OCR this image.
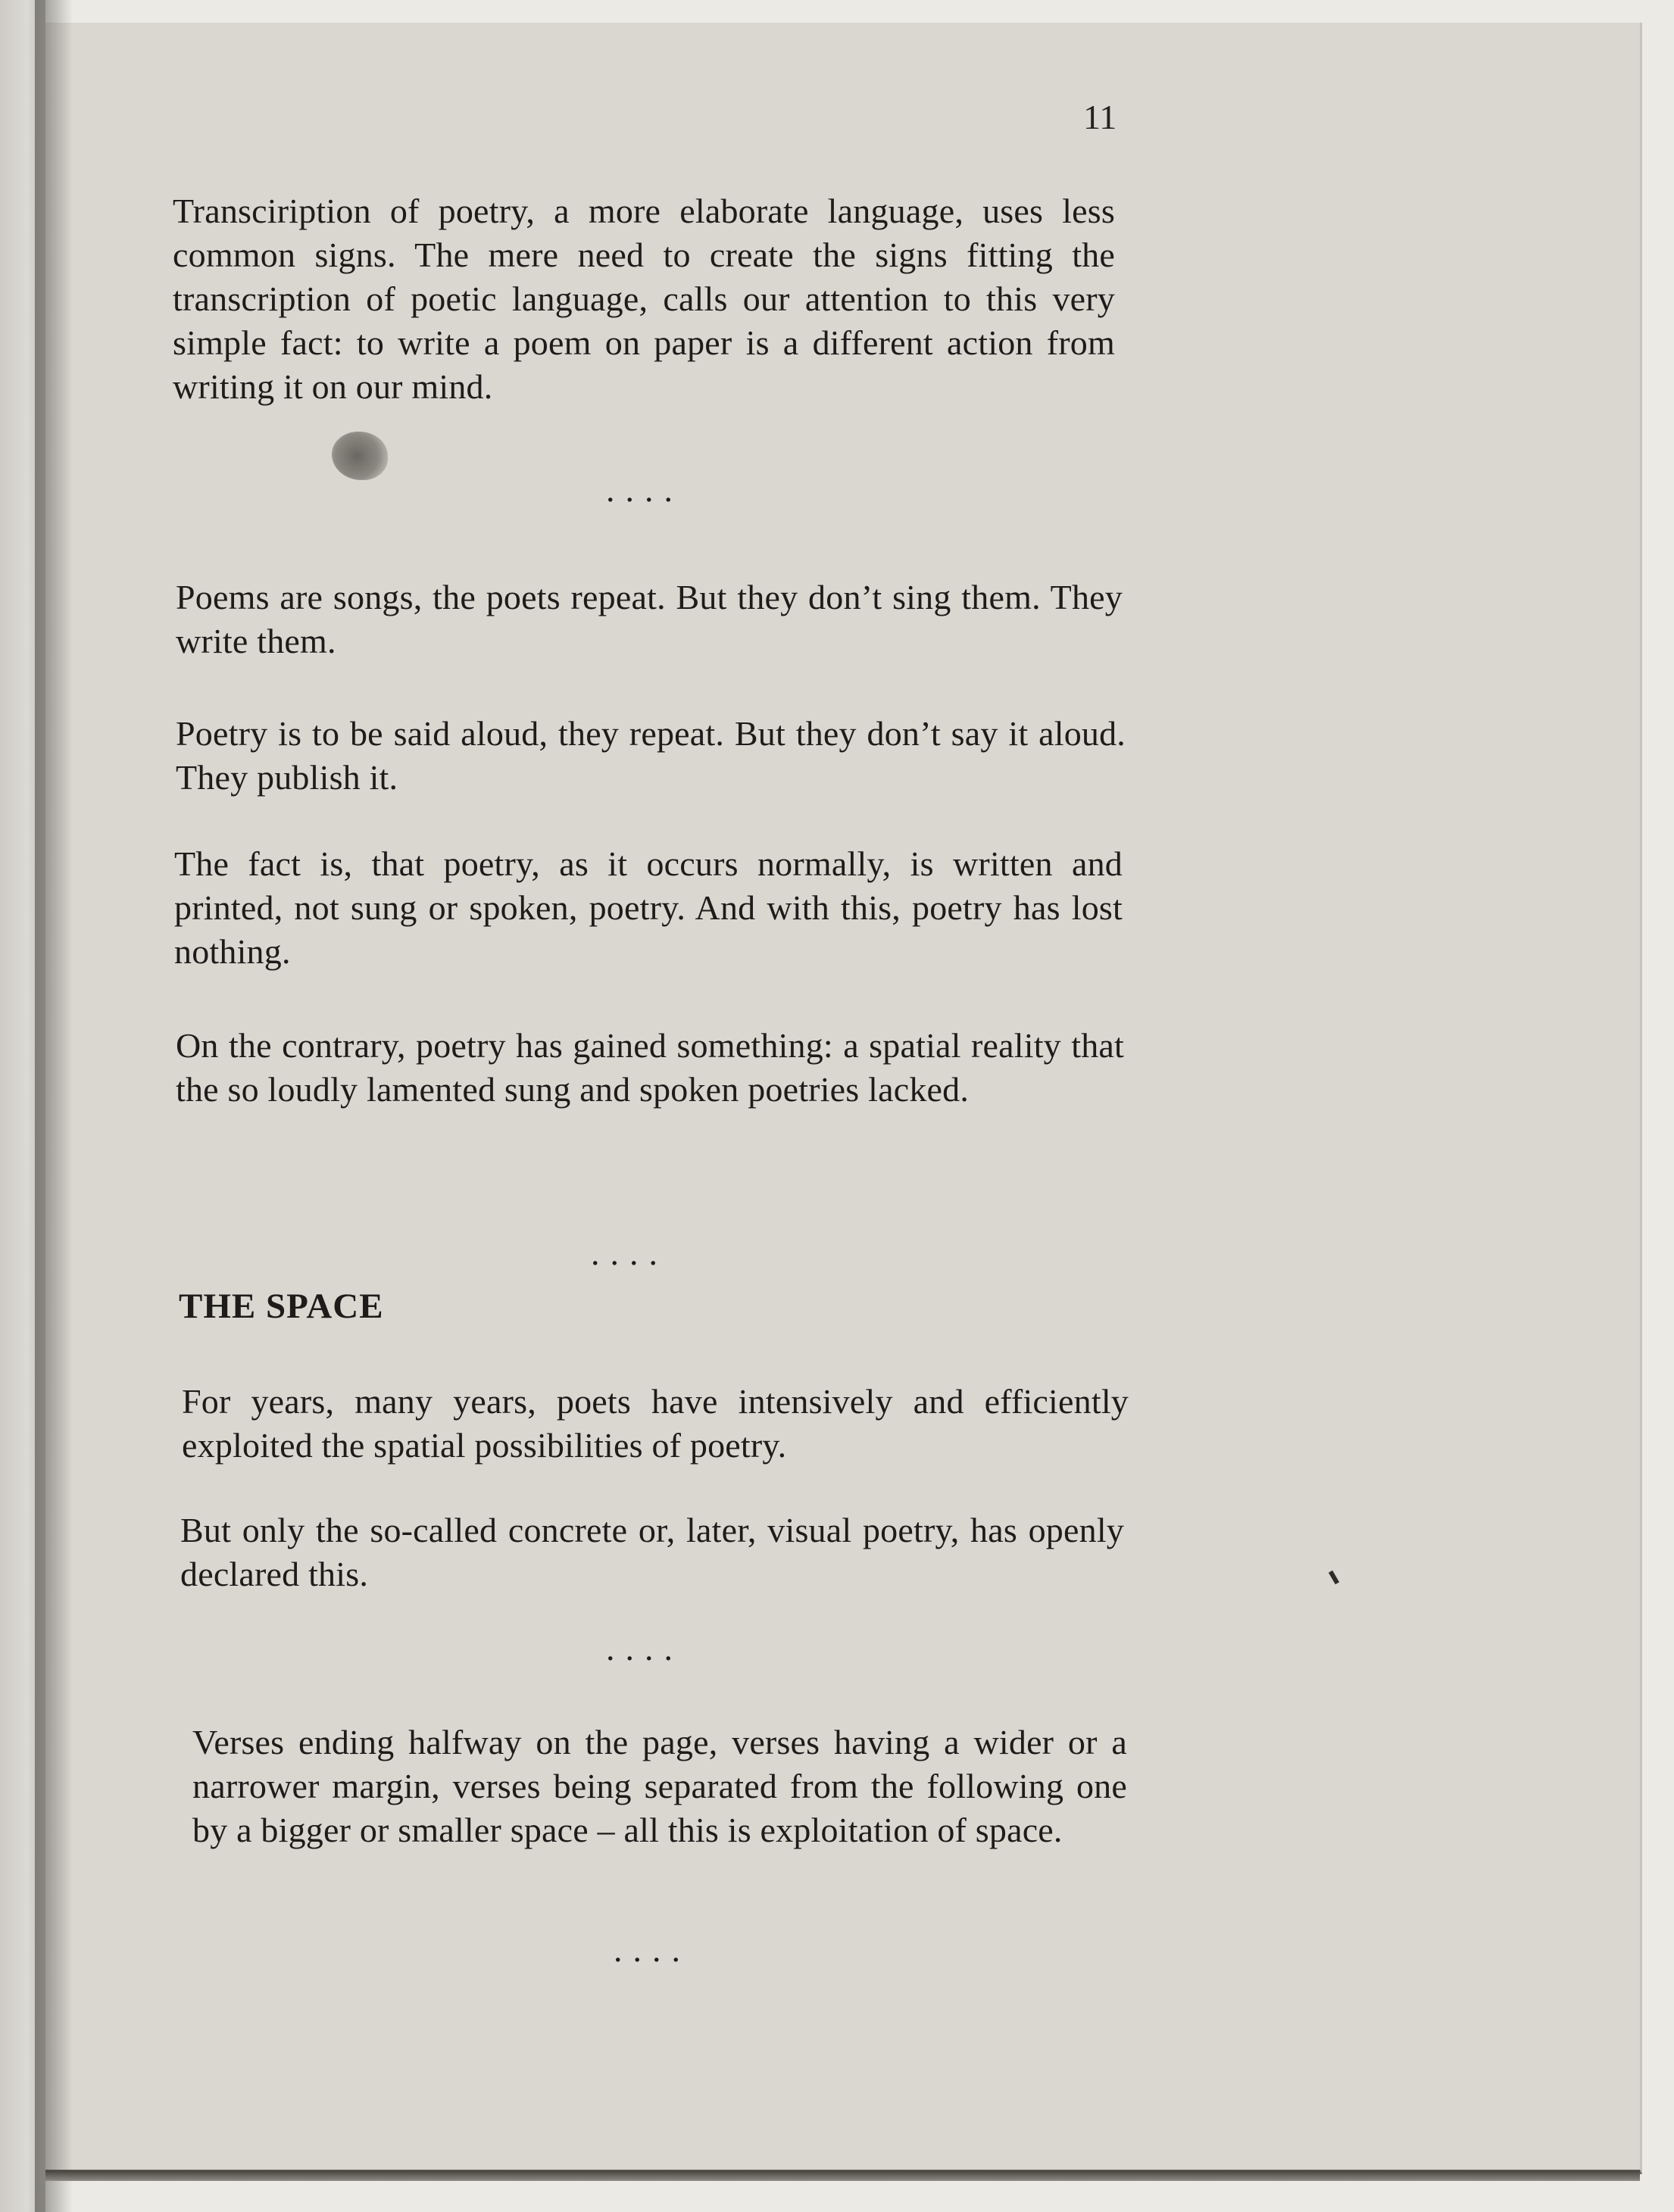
11

Transciription of poetry, a more elaborate language, uses less common signs. The mere need to create the signs fitting the transcription of poetic language, calls our attention to this very simple fact: to write a poem on paper is a different action from writing it on our mind.

....

Poems are songs, the poets repeat. But they don’t sing them. They write them.

Poetry is to be said aloud, they repeat. But they don’t say it aloud. They publish it.

The fact is, that poetry, as it occurs normally, is written and printed, not sung or spoken, poetry. And with this, poetry has lost nothing.

On the contrary, poetry has gained something: a spatial reality that the so loudly lamented sung and spoken poetries lacked.

....
THE SPACE

For years, many years, poets have intensively and efficiently exploited the spatial possibilities of poetry.

But only the so-called concrete or, later, visual poetry, has openly declared this.

....

Verses ending halfway on the page, verses having a wider or a narrower margin, verses being separated from the following one by a bigger or smaller space – all this is exploitation of space.

....
